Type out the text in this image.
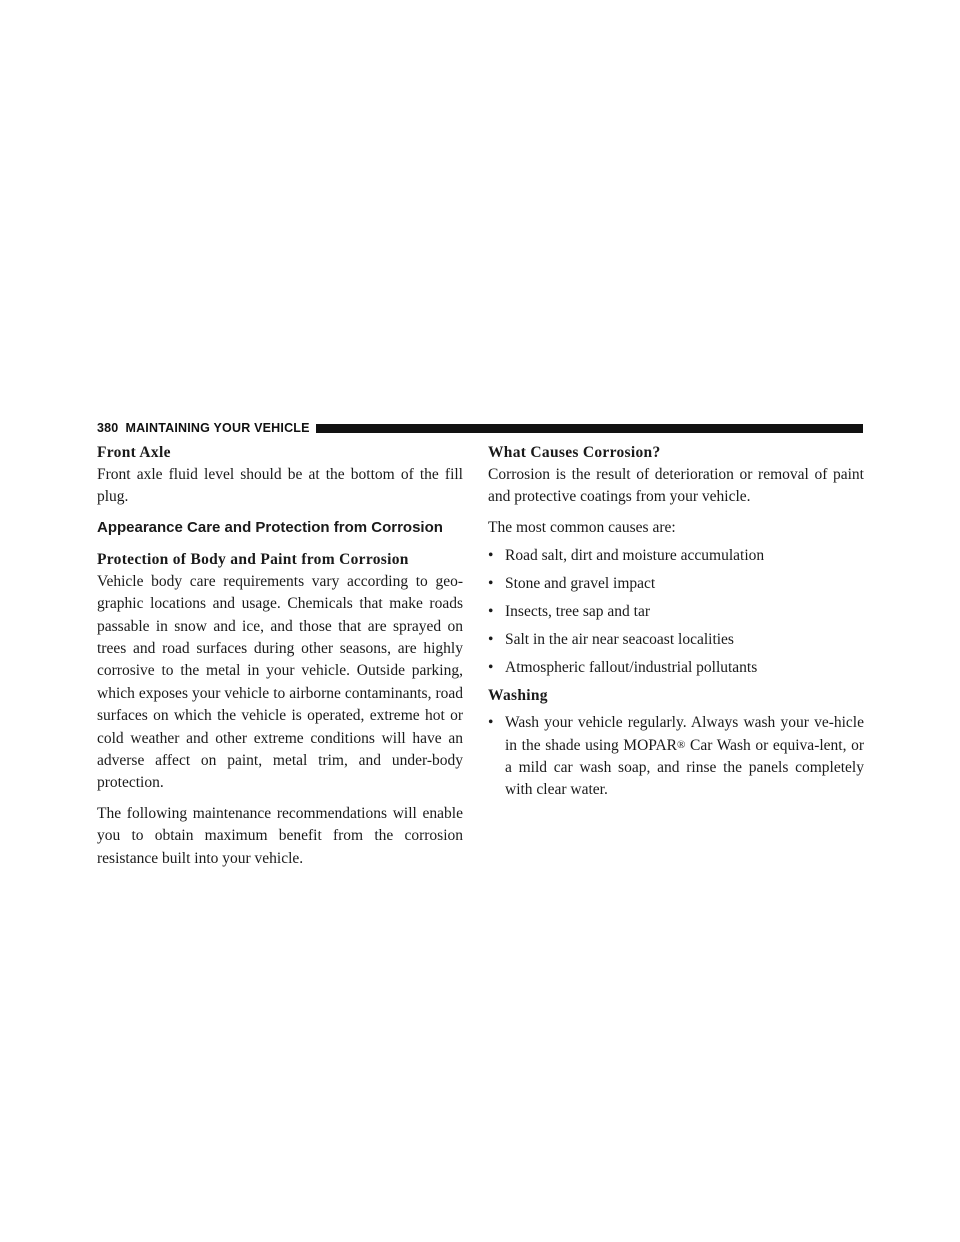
380 MAINTAINING YOUR VEHICLE
Front Axle

Front axle fluid level should be at the bottom of the fill plug.

Appearance Care and Protection from Corrosion
Protection of Body and Paint from Corrosion

Vehicle body care requirements vary according to geo-graphic locations and usage. Chemicals that make roads passable in snow and ice, and those that are sprayed on trees and road surfaces during other seasons, are highly corrosive to the metal in your vehicle. Outside parking, which exposes your vehicle to airborne contaminants, road surfaces on which the vehicle is operated, extreme hot or cold weather and other extreme conditions will have an adverse affect on paint, metal trim, and under-body protection.

The following maintenance recommendations will enable you to obtain maximum benefit from the corrosion resistance built into your vehicle.

What Causes Corrosion?

Corrosion is the result of deterioration or removal of paint and protective coatings from your vehicle.

The most common causes are:

• Road salt, dirt and moisture accumulation
• Stone and gravel impact
• Insects, tree sap and tar
• Salt in the air near seacoast localities
• Atmospheric fallout/industrial pollutants
Washing
• Wash your vehicle regularly. Always wash your ve-hicle in the shade using MOPAR® Car Wash or equiva-lent, or a mild car wash soap, and rinse the panels completely with clear water.
